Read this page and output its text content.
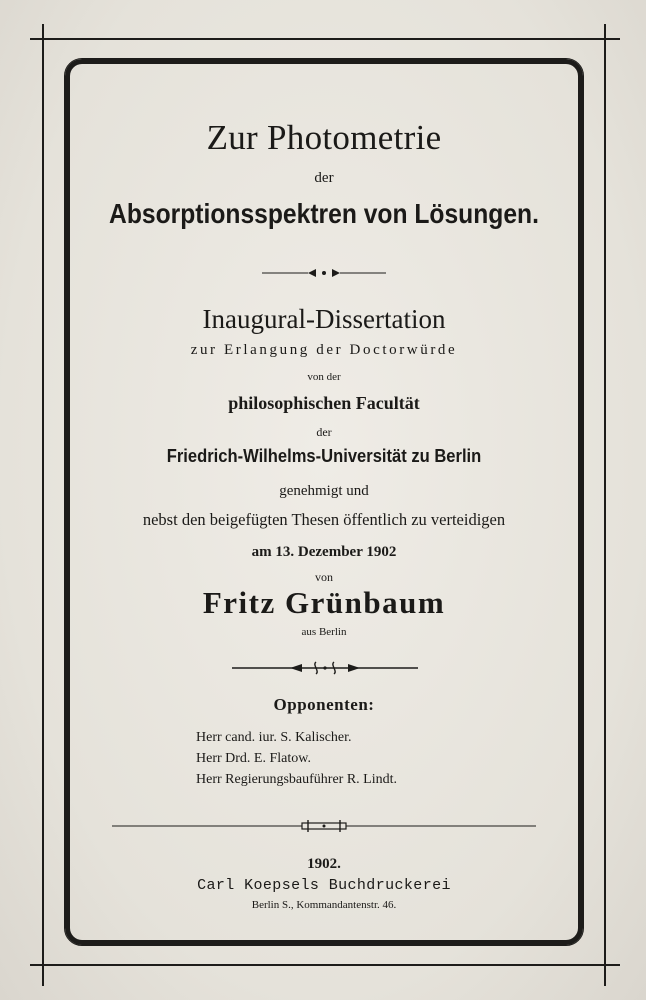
Zur Photometrie
der
Absorptionsspektren von Lösungen.
Inaugural-Dissertation
zur Erlangung der Doctorwürde
von der
philosophischen Facultät
der
Friedrich-Wilhelms-Universität zu Berlin
genehmigt und
nebst den beigefügten Thesen öffentlich zu verteidigen
am 13. Dezember 1902
von
Fritz Grünbaum
aus Berlin
Opponenten:
Herr cand. iur. S. Kalischer.
Herr Drd. E. Flatow.
Herr Regierungsbauführer R. Lindt.
1902.
Carl Koepsels Buchdruckerei
Berlin S., Kommandantenstr. 46.
